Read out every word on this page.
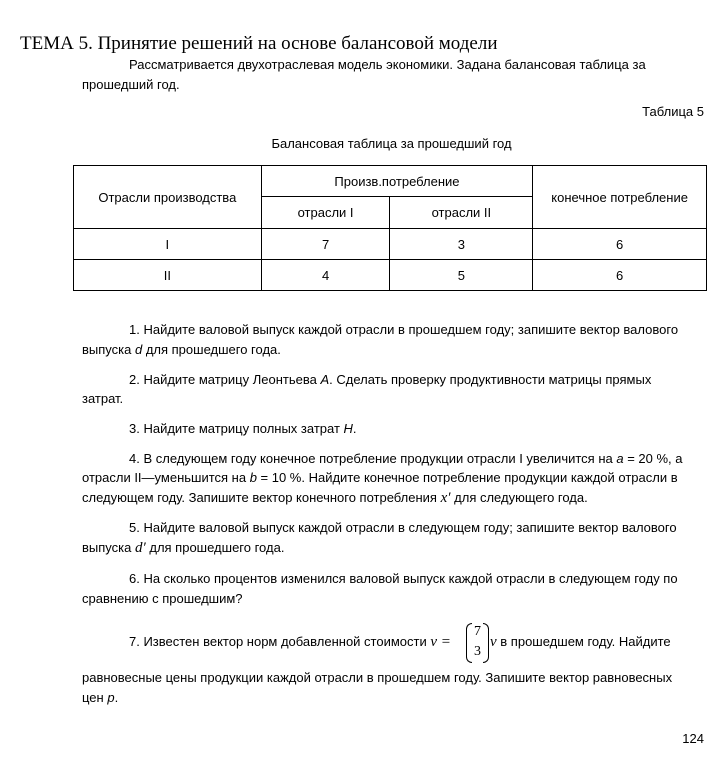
ТЕМА 5. Принятие решений на основе балансовой модели
Рассматривается двухотраслевая модель экономики. Задана балансовая таблица за
прошедший год.
Таблица 5
Балансовая таблица за прошедший год
Отрасли производства	Произв.потребление		конечное потребление
	отрасли I	отрасли II	
I	7	3	6
II	4	5	6
1. Найдите валовой выпуск каждой отрасли в прошедшем году; запишите вектор валового
выпуска d для прошедшего года.
2. Найдите матрицу Леонтьева A. Сделать проверку продуктивности матрицы прямых
затрат.
3. Найдите матрицу полных затрат H.
4. В следующем году конечное потребление продукции отрасли I увеличится на a = 20 %, а
отрасли II—уменьшится на b = 10 %. Найдите конечное потребление продукции каждой отрасли в
следующем году. Запишите вектор конечного потребления x′ для следующего года.
5. Найдите валовой выпуск каждой отрасли в следующем году; запишите вектор валового
выпуска d′ для прошедшего года.
6. На сколько процентов изменился валовой выпуск каждой отрасли в следующем году по
сравнению с прошедшим?
7. Известен вектор норм добавленной стоимости v =
7
3
v в прошедшем году. Найдите
равновесные цены продукции каждой отрасли в прошедшем году. Запишите вектор равновесных
цен p.
124
